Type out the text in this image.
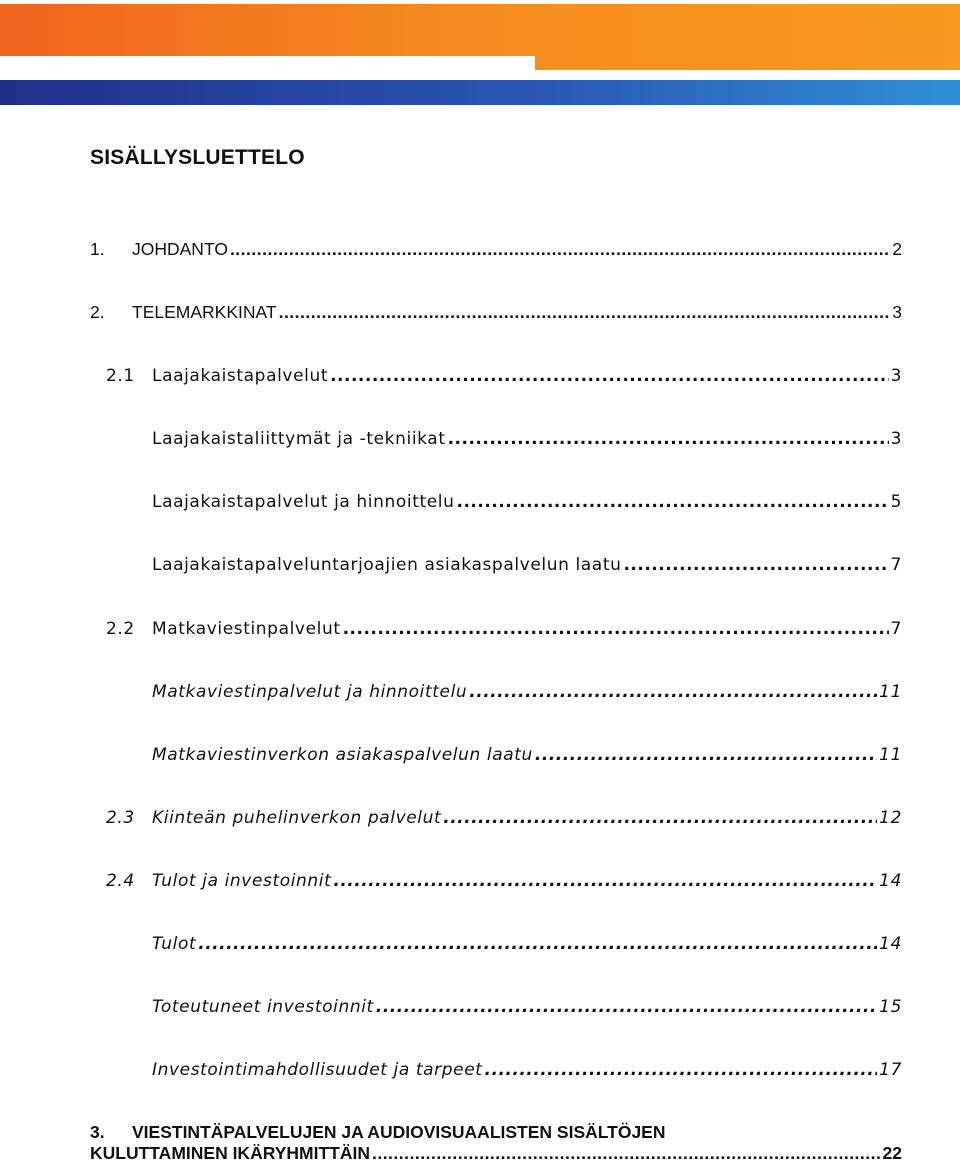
SISÄLLYSLUETTELO
1.	JOHDANTO .....	2
2.	TELEMARKKINAT .....	3
2.1	Laajakaistapalvelut .....	3
Laajakaistaliittymät ja -tekniikat .....	3
Laajakaistapalvelut ja hinnoittelu .....	5
Laajakaistapalveluntarjoajien asiakaspalvelun laatu .....	7
2.2	Matkaviestinpalvelut .....	7
Matkaviestinpalvelut ja hinnoittelu .....	11
Matkaviestinverkon asiakaspalvelun laatu .....	11
2.3	Kiinteän puhelinverkon palvelut .....	12
2.4	Tulot ja investoinnit .....	14
Tulot .....	14
Toteutuneet investoinnit .....	15
Investointimahdollisuudet ja tarpeet .....	17
3.	VIESTINTÄPALVELUJEN JA AUDIOVISUAALISTEN SISÄLTÖJEN
KULUTTAMINEN IKÄRYHMITTÄIN .....	22
